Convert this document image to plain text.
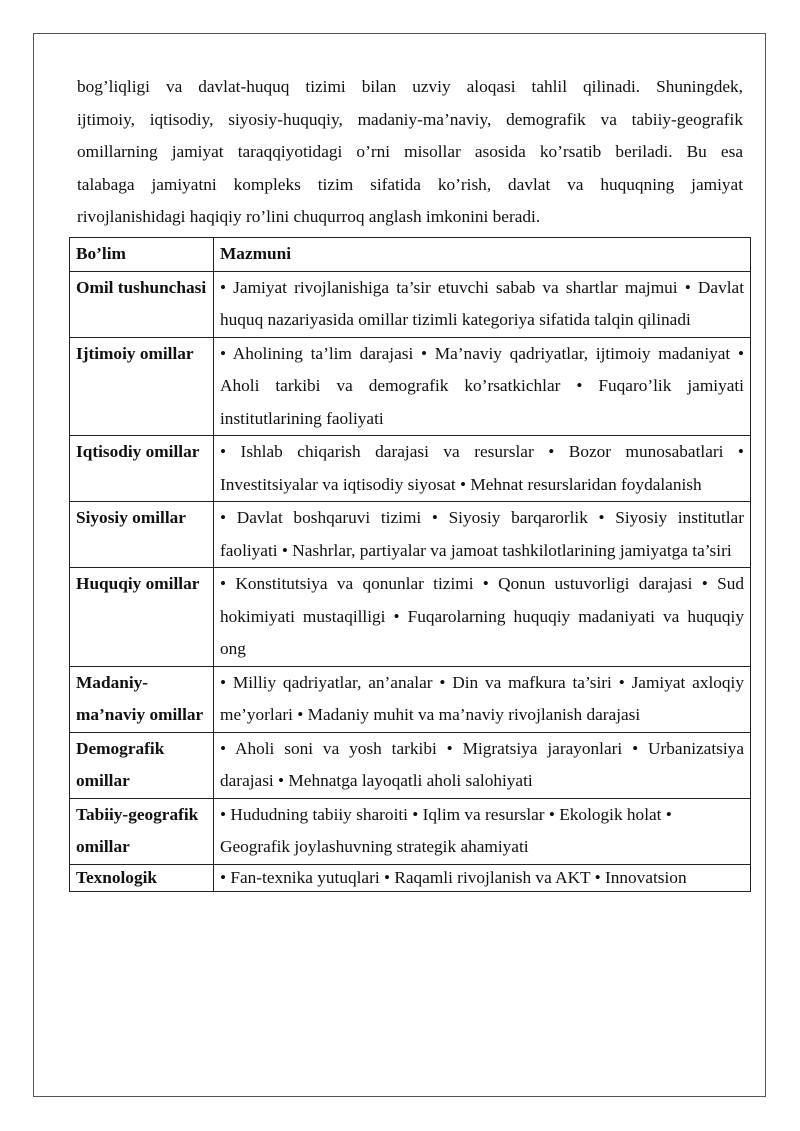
bog’liqligi va davlat-huquq tizimi bilan uzviy aloqasi tahlil qilinadi. Shuningdek,
ijtimoiy, iqtisodiy, siyosiy-huquqiy, madaniy-ma’naviy, demografik va tabiiy-geografik
omillarning jamiyat taraqqiyotidagi o’rni misollar asosida ko’rsatib beriladi. Bu esa
talabaga jamiyatni kompleks tizim sifatida ko’rish, davlat va huquqning jamiyat
rivojlanishidagi haqiqiy ro’lini chuqurroq anglash imkonini beradi.
Bo’lim	Mazmuni
Omil tushunchasi	• Jamiyat rivojlanishiga ta’sir etuvchi sabab va shartlar majmui • Davlat huquq nazariyasida omillar tizimli kategoriya sifatida talqin qilinadi
Ijtimoiy omillar	• Aholining ta’lim darajasi • Ma’naviy qadriyatlar, ijtimoiy madaniyat • Aholi tarkibi va demografik ko’rsatkichlar • Fuqaro’lik jamiyati institutlarining faoliyati
Iqtisodiy omillar	• Ishlab chiqarish darajasi va resurslar • Bozor munosabatlari • Investitsiyalar va iqtisodiy siyosat • Mehnat resurslaridan foydalanish
Siyosiy omillar	• Davlat boshqaruvi tizimi • Siyosiy barqarorlik • Siyosiy institutlar faoliyati • Nashrlar, partiyalar va jamoat tashkilotlarining jamiyatga ta’siri
Huquqiy omillar	• Konstitutsiya va qonunlar tizimi • Qonun ustuvorligi darajasi • Sud hokimiyati mustaqilligi • Fuqarolarning huquqiy madaniyati va huquqiy ong
Madaniy-ma’naviy omillar	• Milliy qadriyatlar, an’analar • Din va mafkura ta’siri • Jamiyat axloqiy me’yorlari • Madaniy muhit va ma’naviy rivojlanish darajasi
Demografik omillar	• Aholi soni va yosh tarkibi • Migratsiya jarayonlari • Urbanizatsiya darajasi • Mehnatga layoqatli aholi salohiyati
Tabiiy-geografik omillar	• Hududning tabiiy sharoiti • Iqlim va resurslar • Ekologik holat • Geografik joylashuvning strategik ahamiyati
Texnologik	• Fan-texnika yutuqlari • Raqamli rivojlanish va AKT • Innovatsion
